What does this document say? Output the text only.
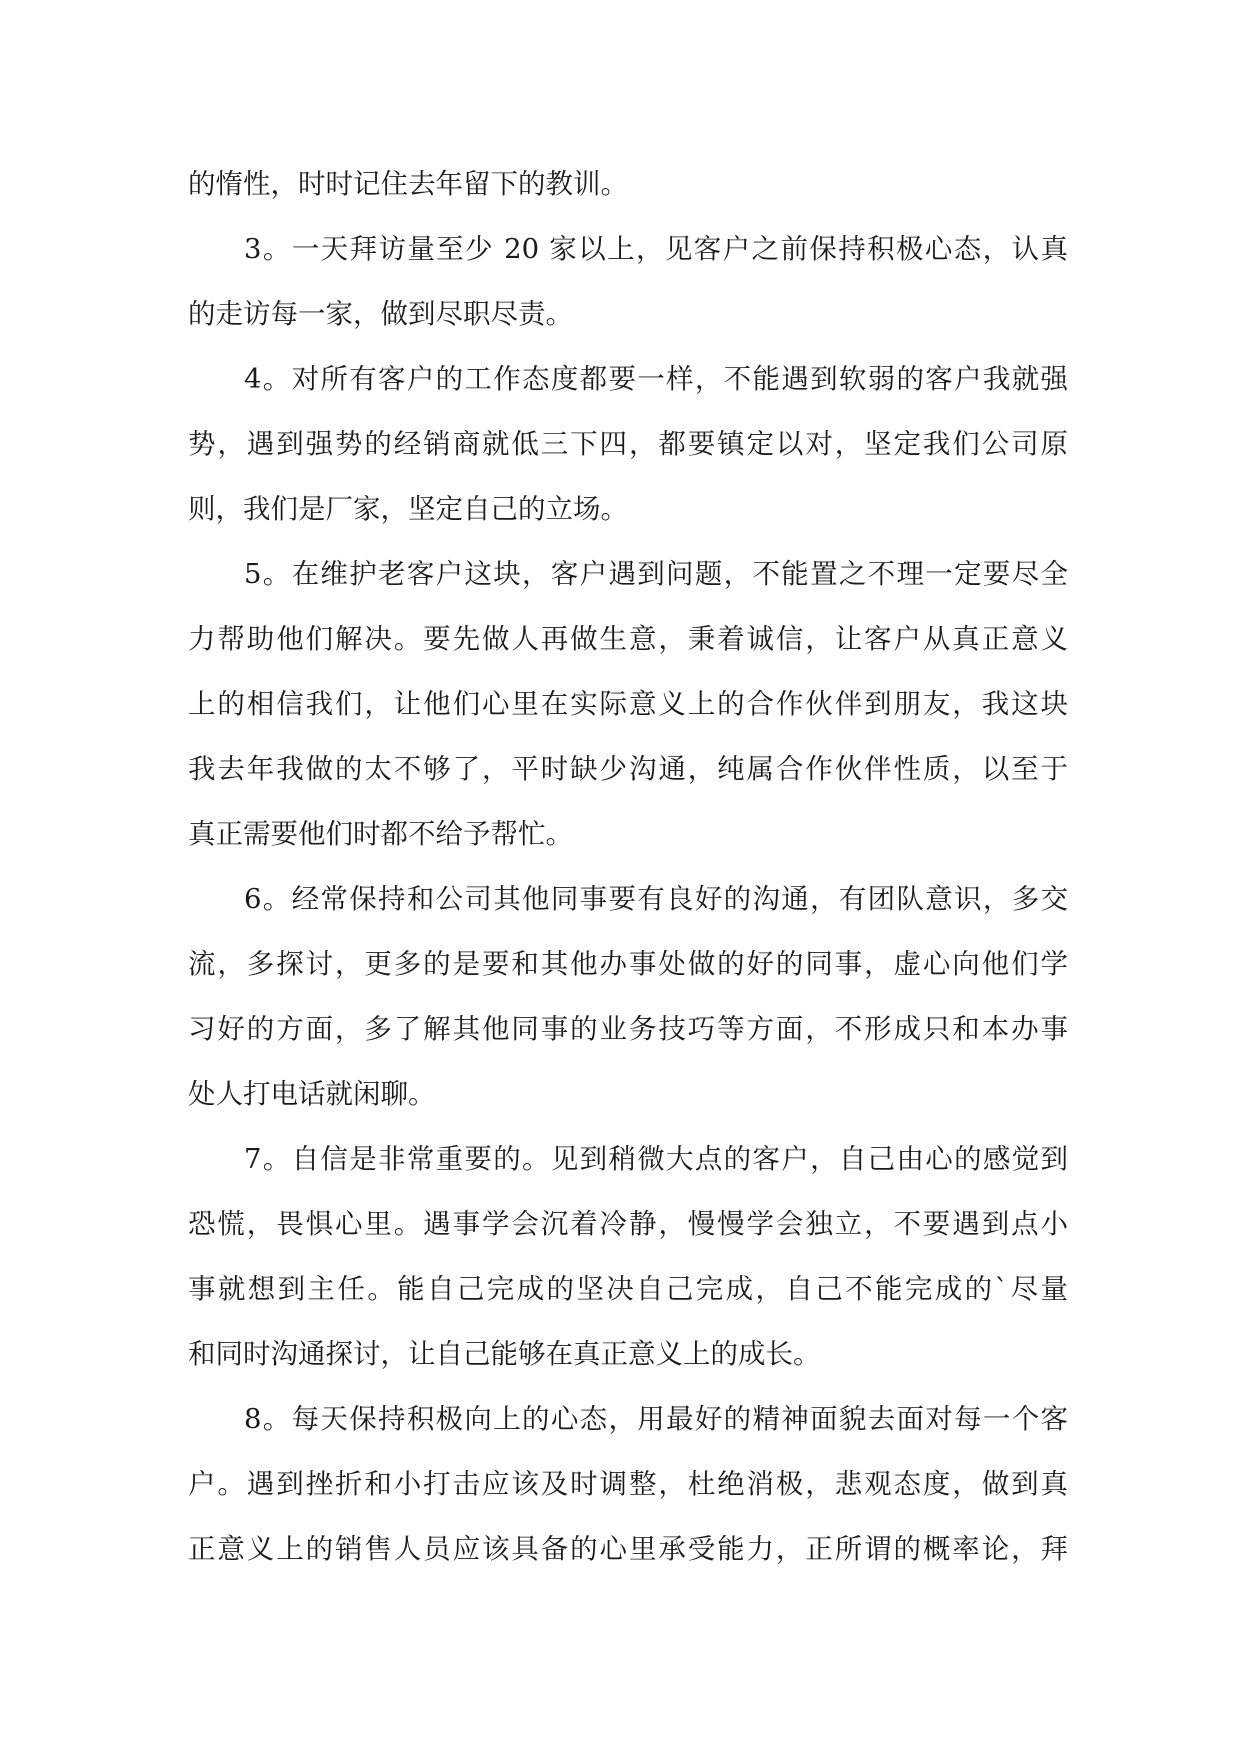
的惰性，时时记住去年留下的教训。
3。一天拜访量至少 20 家以上，见客户之前保持积极心态，认真
的走访每一家，做到尽职尽责。
4。对所有客户的工作态度都要一样，不能遇到软弱的客户我就强
势，遇到强势的经销商就低三下四，都要镇定以对，坚定我们公司原
则，我们是厂家，坚定自己的立场。
5。在维护老客户这块，客户遇到问题，不能置之不理一定要尽全
力帮助他们解决。要先做人再做生意，秉着诚信，让客户从真正意义
上的相信我们，让他们心里在实际意义上的合作伙伴到朋友，我这块
我去年我做的太不够了，平时缺少沟通，纯属合作伙伴性质，以至于
真正需要他们时都不给予帮忙。
6。经常保持和公司其他同事要有良好的沟通，有团队意识，多交
流，多探讨，更多的是要和其他办事处做的好的同事，虚心向他们学
习好的方面，多了解其他同事的业务技巧等方面，不形成只和本办事
处人打电话就闲聊。
7。自信是非常重要的。见到稍微大点的客户，自己由心的感觉到
恐慌，畏惧心里。遇事学会沉着冷静，慢慢学会独立，不要遇到点小
事就想到主任。能自己完成的坚决自己完成，自己不能完成的`尽量
和同时沟通探讨，让自己能够在真正意义上的成长。
8。每天保持积极向上的心态，用最好的精神面貌去面对每一个客
户。遇到挫折和小打击应该及时调整，杜绝消极，悲观态度，做到真
正意义上的销售人员应该具备的心里承受能力，正所谓的概率论，拜
